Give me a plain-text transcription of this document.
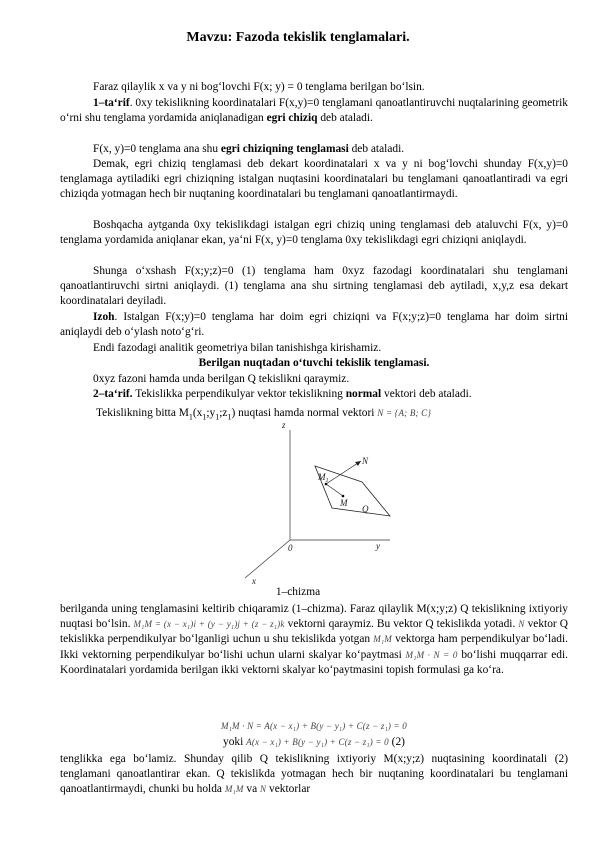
Mavzu: Fazoda tekislik tenglamalari.

Faraz qilaylik x va y ni bog‘lovchi F(x; y) = 0 tenglama berilgan bo‘lsin.

1–ta‘rif. 0xy tekislikning koordinatalari F(x,y)=0 tenglamani qanoatlantiruvchi nuqtalarining geometrik o‘rni shu tenglama yordamida aniqlanadigan egri chiziq deb ataladi.

F(x, y)=0 tenglama ana shu egri chiziqning tenglamasi deb ataladi.

Demak, egri chiziq tenglamasi deb dekart koordinatalari x va y ni bog‘lovchi shunday F(x,y)=0 tenglamaga aytiladiki egri chiziqning istalgan nuqtasini koordinatalari bu tenglamani qanoatlantiradi va egri chiziqda yotmagan hech bir nuqtaning koordinatalari bu tenglamani qanoatlantirmaydi.

Boshqacha aytganda 0xy tekislikdagi istalgan egri chiziq uning tenglamasi deb ataluvchi F(x, y)=0 tenglama yordamida aniqlanar ekan, ya‘ni F(x, y)=0 tenglama 0xy tekislikdagi egri chiziqni aniqlaydi.

Shunga o‘xshash F(x;y;z)=0 (1) tenglama ham 0xyz fazodagi koordinatalari shu tenglamani qanoatlantiruvchi sirtni aniqlaydi. (1) tenglama ana shu sirtning tenglamasi deb aytiladi, x,y,z esa dekart koordinatalari deyiladi.

Izoh. Istalgan F(x;y)=0 tenglama har doim egri chiziqni va F(x;y;z)=0 tenglama har doim sirtni aniqlaydi deb o‘ylash noto‘g‘ri.

Endi fazodagi analitik geometriya bilan tanishishga kirishamiz.

Berilgan nuqtadan o‘tuvchi tekislik tenglamasi.

0xyz fazoni hamda unda berilgan Q tekislikni qaraymiz.

2–ta‘rif. Tekislikka perpendikulyar vektor tekislikning normal vektori deb ataladi.

Tekislikning bitta $M_1(x_1;y_1;z_1)$ nuqtasi hamda normal vektori N = {A; B; C}

z
y
x
0
N
$M_1$
M
Q
1–chizma

berilganda uning tenglamasini keltirib chiqaramiz (1–chizma). Faraz qilaylik M(x;y;z) Q tekislikning ixtiyoriy nuqtasi bo‘lsin. M₁M = (x − x₁)i + (y − y₁)j + (z − z₁)k vektorni qaraymiz. Bu vektor Q tekislikda yotadi. N vektor Q tekislikka perpendikulyar bo‘lganligi uchun u shu tekislikda yotgan M₁M vektorga ham perpendikulyar bo‘ladi. Ikki vektorning perpendikulyar bo‘lishi uchun ularni skalyar ko‘paytmasi M₁M · N = 0 bo‘lishi muqqarrar edi. Koordinatalari yordamida berilgan ikki vektorni skalyar ko‘paytmasini topish formulasi ga ko‘ra.

M₁M · N = A(x − x₁) + B(y − y₁) + C(z − z₁) = 0

yoki A(x − x₁) + B(y − y₁) + C(z − z₁) = 0 (2)

tenglikka ega bo‘lamiz. Shunday qilib Q tekislikning ixtiyoriy M(x;y;z) nuqtasining koordinatali (2) tenglamani qanoatlantirar ekan. Q tekislikda yotmagan hech bir nuqtaning koordinatalari bu tenglamani qanoatlantirmaydi, chunki bu holda M₁M va N vektorlar
